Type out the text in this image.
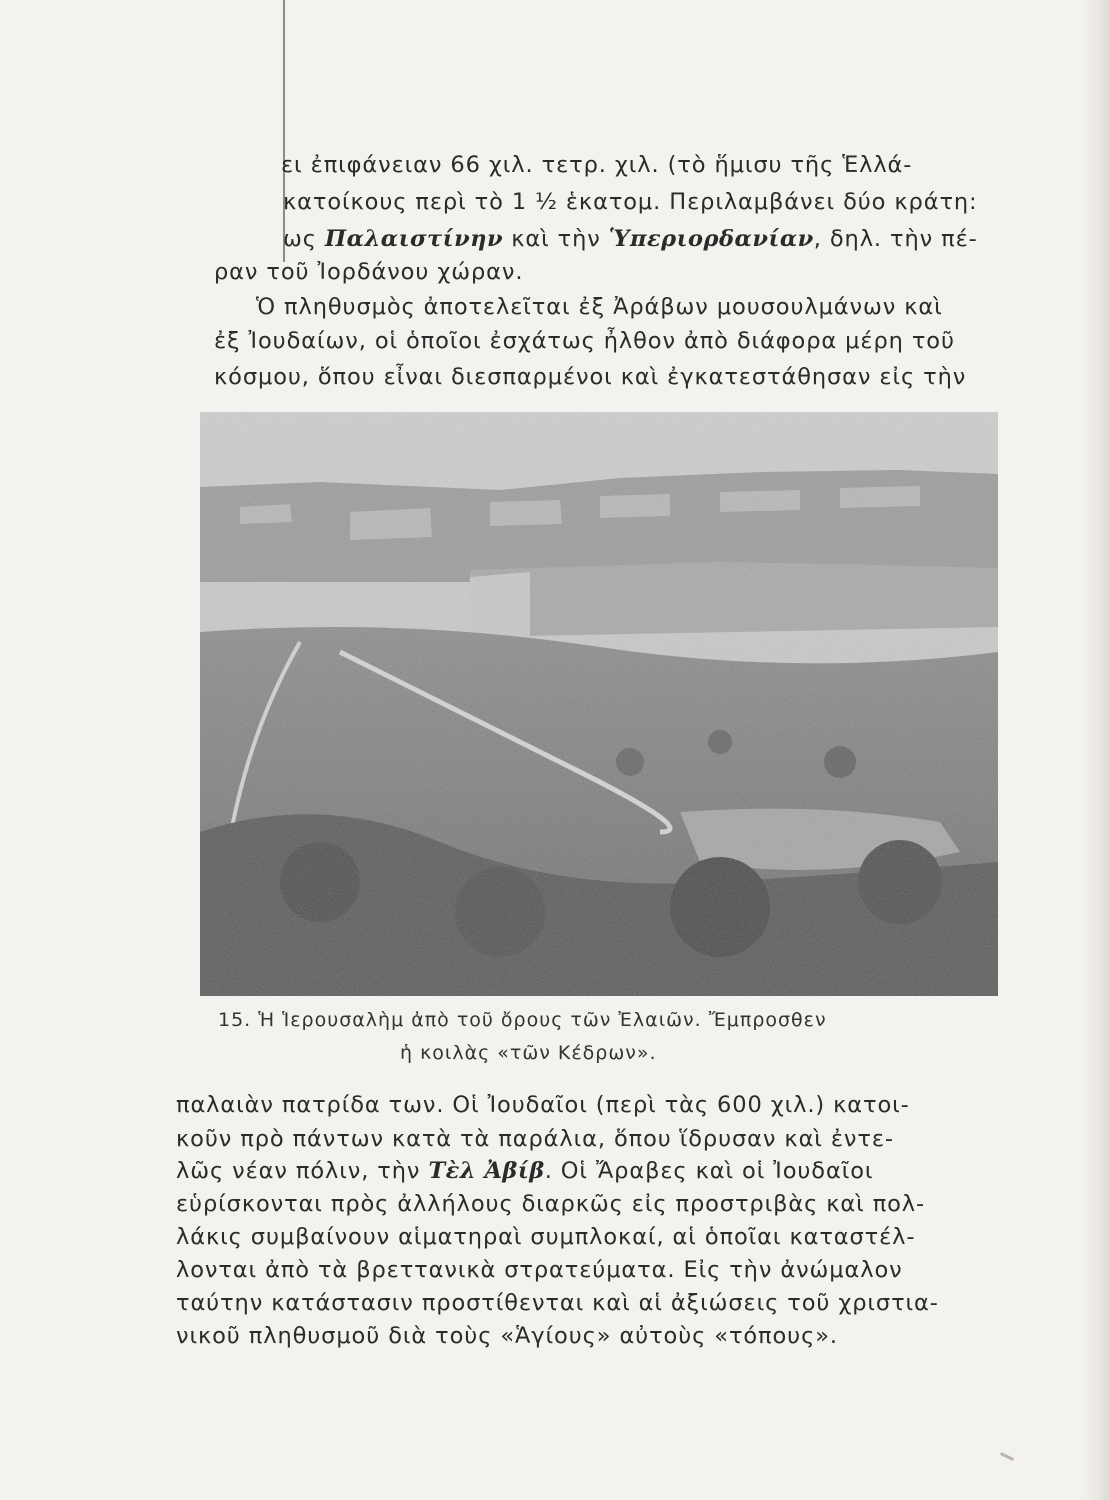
ει ἐπιφάνειαν 66 χιλ. τετρ. χιλ. (τὸ ἥμισυ τῆς Ἑλλά-
κατοίκους περὶ τὸ 1 ½ ἑκατομ. Περιλαμβάνει δύο κράτη:
ως Παλαιστίνην καὶ τὴν Ὑπεριορδανίαν, δηλ. τὴν πέ-
ραν τοῦ Ἰορδάνου χώραν.
Ὁ πληθυσμὸς ἀποτελεῖται ἐξ Ἀράβων μουσουλμάνων καὶ
ἐξ Ἰουδαίων, οἱ ὁποῖοι ἐσχάτως ἦλθον ἀπὸ διάφορα μέρη τοῦ
κόσμου, ὅπου εἶναι διεσπαρμένοι καὶ ἐγκατεστάθησαν εἰς τὴν
15. Ἡ Ἱερουσαλὴμ ἀπὸ τοῦ ὄρους τῶν Ἐλαιῶν. Ἔμπροσθεν
ἡ κοιλὰς «τῶν Κέδρων».
παλαιὰν πατρίδα των. Οἱ Ἰουδαῖοι (περὶ τὰς 600 χιλ.) κατοι-
κοῦν πρὸ πάντων κατὰ τὰ παράλια, ὅπου ἵδρυσαν καὶ ἐντε-
λῶς νέαν πόλιν, τὴν Τὲλ Ἀβίβ. Οἱ Ἄραβες καὶ οἱ Ἰουδαῖοι
εὑρίσκονται πρὸς ἀλλήλους διαρκῶς εἰς προστριβὰς καὶ πολ-
λάκις συμβαίνουν αἱματηραὶ συμπλοκαί, αἱ ὁποῖαι καταστέλ-
λονται ἀπὸ τὰ βρεττανικὰ στρατεύματα. Εἰς τὴν ἀνώμαλον
ταύτην κατάστασιν προστίθενται καὶ αἱ ἀξιώσεις τοῦ χριστια-
νικοῦ πληθυσμοῦ διὰ τοὺς «Ἁγίους» αὐτοὺς «τόπους».
